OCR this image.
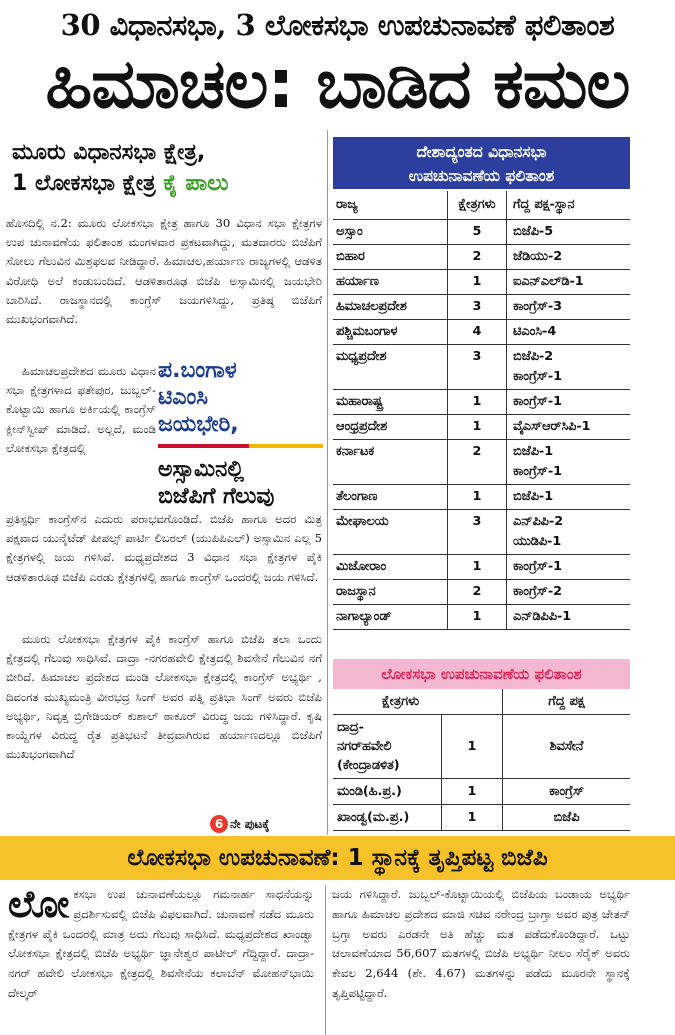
30 ವಿಧಾನಸಭಾ, 3 ಲೋಕಸಭಾ ಉಪಚುನಾವಣೆ ಫಲಿತಾಂಶ
ಹಿಮಾಚಲ: ಬಾಡಿದ ಕಮಲ
ಮೂರು ವಿಧಾನಸಭಾ ಕ್ಷೇತ್ರ,
1 ಲೋಕಸಭಾ ಕ್ಷೇತ್ರ ಕೈ ಪಾಲು

ಹೊಸದಿಲ್ಲಿ ನ.2: ಮೂರು ಲೋಕಸಭಾ ಕ್ಷೇತ್ರ ಹಾಗೂ 30 ವಿಧಾನ ಸಭಾ ಕ್ಷೇತ್ರಗಳ ಉಪ ಚುನಾವಣೆಯ ಫಲಿತಾಂಶ ಮಂಗಳವಾರ ಪ್ರಕಟವಾಗಿದ್ದು, ಮತದಾರರು ಬಿಜೆಪಿಗೆ ಸೋಲು ಗೆಲುವಿನ ಮಿಶ್ರಫಲವ ನೀಡಿದ್ದಾರೆ. ಹಿಮಾಚಲ,ಹರ್ಯಾಣ ರಾಜ್ಯಗಳಲ್ಲಿ ಆಡಳಿತ ವಿರೋಧಿ ಅಲೆ ಕಂಡುಬಂದಿದೆ. ಆಡಳಿತಾರೂಢ ಬಿಜೆಪಿ ಅಸ್ಸಾಮಿನಲ್ಲಿ ಜಯಭೇರಿ ಬಾರಿಸಿದೆ. ರಾಜಸ್ಥಾನದಲ್ಲಿ ಕಾಂಗ್ರೆಸ್ ಜಯಗಳಿಸಿದ್ದು, ಪ್ರತಿಷ್ಠ ಬಿಜೆಪಿಗೆ ಮುಖಭಂಗವಾಗಿದೆ.

ಹಿಮಾಚಲಪ್ರದೇಶದ ಮೂರು ವಿಧಾನ ಸಭಾ ಕ್ಷೇತ್ರಗಳಾದ ಫತೇಪುರ, ಜುಬ್ಬಲ್-ಕೊಟ್ಬಾಯಿ ಹಾಗೂ ಅರ್ಕಿಯಲ್ಲಿ ಕಾಂಗ್ರೆಸ್ ಕ್ಲೀನ್‌ಸ್ವೀಪ್ ಮಾಡಿದೆ. ಅಲ್ಲದೆ, ಮಂಡಿ ಲೋಕಸಭಾ ಕ್ಷೇತ್ರದಲ್ಲಿ

ಪ.ಬಂಗಾಳ
ಟಿಎಂಸಿ
ಜಯಭೇರಿ,
ಅಸ್ಸಾಮಿನಲ್ಲಿ
ಬಿಜೆಪಿಗೆ ಗೆಲುವು

ಪ್ರತಿಸ್ಪರ್ಧಿ ಕಾಂಗ್ರೆಸ್‌ನ ಎದುರು ಪರಾಭವಗೊಂಡಿದೆ. ಬಿಜೆಪಿ ಹಾಗೂ ಅದರ ಮಿತ್ರ ಪಕ್ಷವಾದ ಯುನೈಟೆಡ್ ಪೀಪಲ್ಸ್ ಪಾರ್ಟಿ ಲಿಬರಲ್ (ಯುಪಿಪಿಎಲ್) ಅಸ್ಸಾಮಿನ ಎಲ್ಲ 5 ಕ್ಷೇತ್ರಗಳಲ್ಲಿ ಜಯ ಗಳಿಸಿವೆ. ಮಧ್ಯಪ್ರದೇಶದ 3 ವಿಧಾನ ಸಭಾ ಕ್ಷೇತ್ರಗಳ ಪೈಕಿ ಆಡಳಿತಾರೂಢ ಬಿಜೆಪಿ ಎರಡು ಕ್ಷೇತ್ರಗಳಲ್ಲಿ ಹಾಗೂ ಕಾಂಗ್ರೆಸ್ ಒಂದರಲ್ಲಿ ಜಯ ಗಳಿಸಿದೆ.

ಮೂರು ಲೋಕಸಭಾ ಕ್ಷೇತ್ರಗಳ ಪೈಕಿ ಕಾಂಗ್ರೆಸ್ ಹಾಗೂ ಬಿಜೆಪಿ ತಲಾ ಒಂದು ಕ್ಷೇತ್ರದಲ್ಲಿ ಗೆಲುವು ಸಾಧಿಸಿವೆ. ದಾದ್ರಾ -ನಗರಹವೇಲಿ ಕ್ಷೇತ್ರದಲ್ಲಿ ಶಿವಸೇನೆ ಗೆಲುವಿನ ನಗೆ ಬೀರಿದೆ. ಹಿಮಾಚಲ ಪ್ರದೇಶದ ಮಂಡಿ ಲೋಕಸಭಾ ಕ್ಷೇತ್ರದಲ್ಲಿ ಕಾಂಗ್ರೆಸ್ ಅಭ್ಯರ್ಥಿ , ದಿವಂಗತ ಮುಖ್ಯಮಂತ್ರಿ ವೀರಭದ್ರ ಸಿಂಗ್ ಅವರ ಪತ್ನಿ ಪ್ರತಿಭಾ ಸಿಂಗ್ ಅವರು ಬಿಜೆಪಿ ಅಭ್ಯರ್ಥಿ, ನಿವೃತ್ತ ಬ್ರಿಗೇಡಿಯರ್ ಕುಶಾಲ್ ಠಾಕೂರ್ ವಿರುದ್ಧ ಜಯ ಗಳಿಸಿದ್ದಾರೆ. ಕೃಷಿ ಕಾಯ್ದೆಗಳ ವಿರುದ್ಧ ರೈತ ಪ್ರತಿಭಟನೆ ತೀವ್ರವಾಗಿರುವ ಹರ್ಯಾಣದಲ್ಲೂ ಬಿಜೆಪಿಗೆ ಮುಖಭಂಗವಾಗಿದೆ

6 ನೇ ಪುಟಕ್ಕೆ
ದೇಶಾದ್ಯಂತದ ವಿಧಾನಸಭಾ
ಉಪಚುನಾವಣೆಯ ಫಲಿತಾಂಶ
ರಾಜ್ಯ	ಕ್ಷೇತ್ರಗಳು	ಗೆದ್ದ ಪಕ್ಷ-ಸ್ಥಾನ
ಅಸ್ಸಾಂ	5	ಬಿಜೆಪಿ-5
ಬಿಹಾರ	2	ಜೆಡಿಯು-2
ಹರ್ಯಾಣ	1	ಐಎನ್‌ಎಲ್‌ಡಿ-1
ಹಿಮಾಚಲಪ್ರದೇಶ	3	ಕಾಂಗ್ರೆಸ್-3
ಪಶ್ಚಿಮಬಂಗಾಳ	4	ಟಿಎಂಸಿ-4
ಮಧ್ಯಪ್ರದೇಶ	3	ಬಿಜೆಪಿ-2
ಕಾಂಗ್ರೆಸ್-1
ಮಹಾರಾಷ್ಟ್ರ	1	ಕಾಂಗ್ರೆಸ್-1
ಆಂಧ್ರಪ್ರದೇಶ	1	ವೈಎಸ್‌ಆರ್‌ಸಿಪಿ-1
ಕರ್ನಾಟಕ	2	ಬಿಜೆಪಿ-1
ಕಾಂಗ್ರೆಸ್-1
ತೆಲಂಗಾಣ	1	ಬಿಜೆಪಿ-1
ಮೇಘಾಲಯ	3	ಎನ್‌ಪಿಪಿ-2
ಯುಡಿಪಿ-1
ಮಿಜೋರಾಂ	1	ಕಾಂಗ್ರೆಸ್-1
ರಾಜಸ್ಥಾನ	2	ಕಾಂಗ್ರೆಸ್-2
ನಾಗಾಲ್ಯಾಂಡ್	1	ಎನ್‌ಡಿಪಿಪಿ-1
ಲೋಕಸಭಾ ಉಪಚುನಾವಣೆಯ ಫಲಿತಾಂಶ
ಕ್ಷೇತ್ರಗಳು	ಗೆದ್ದ ಪಕ್ಷ
ದಾದ್ರ-
ನಗರ್‌ಹವೇಲಿ
(ಕೇಂದ್ರಾಡಳಿತ)
1	ಶಿವಸೇನೆ
ಮಂಡಿ(ಹಿ.ಪ್ರ.)	1	ಕಾಂಗ್ರೆಸ್
ಖಾಂಡ್ವ(ಮ.ಪ್ರ.)	1	ಬಿಜೆಪಿ
ಲೋಕಸಭಾ ಉಪಚುನಾವಣೆ: 1 ಸ್ಥಾನಕ್ಕೆ ತೃಪ್ತಿಪಟ್ಟ ಬಿಜೆಪಿ
ಲೋಕಸಭಾ ಉಪ ಚುನಾವಣೆಯಲ್ಲೂ ಗಮನಾರ್ಹ ಸಾಧನೆಯನ್ನು ಪ್ರದರ್ಶಿಸುವಲ್ಲಿ ಬಿಜೆಪಿ ವಿಫಲವಾಗಿದೆ. ಚುನಾವಣೆ ನಡೆದ ಮೂರು ಕ್ಷೇತ್ರಗಳ ಪೈಕಿ ಒಂದರಲ್ಲಿ ಮಾತ್ರ ಅದು ಗೆಲುವು ಸಾಧಿಸಿದೆ. ಮಧ್ಯಪ್ರದೇಶದ ಖಾಂಡ್ವಾ ಲೋಕಸಭಾ ಕ್ಷೇತ್ರದಲ್ಲಿ ಬಿಜೆಪಿ ಅಭ್ಯರ್ಥಿ ಜ್ಞಾನೇಶ್ವರ ಪಾಟೀಲ್ ಗೆದ್ದಿದ್ದಾರೆ. ದಾದ್ರಾ-ನಗರ್ ಹವೇಲಿ ಲೋಕಸಭಾ ಕ್ಷೇತ್ರದಲ್ಲಿ ಶಿವಸೇನೆಯ ಕಲಾಬೆನ್ ಮೋಹನ್‌ಭಾಯಿ ದೇಲ್ಕರ್
ಜಯ ಗಳಿಸಿದ್ದಾರೆ. ಜುಬ್ಬಲ್-ಕೊಟ್ಖಾಯಿಯಲ್ಲಿ ಬಿಜೆಪಿಯ ಬಂಡಾಯ ಅಭ್ಯರ್ಥಿ ಹಾಗೂ ಹಿಮಾಚಲ ಪ್ರದೇಶದ ಮಾಜಿ ಸಚಿವ ನರೇಂದ್ರ ಬ್ರಾಗ್ತಾ ಅವರ ಪುತ್ರ ಚೇತನ್ ಬ್ರಗ್ತಾ ಅವರು ಎರಡನೇ ಅತಿ ಹೆಚ್ಚು ಮತ ಪಡೆದುಕೊಂಡಿದ್ದಾರೆ. ಒಟ್ಟು ಚಲಾವಣೆಯಾದ 56,607 ಮತಗಳಲ್ಲಿ ಬಿಜೆಪಿ ಅಭ್ಯರ್ಥಿ ನೀಲಂ ಸೆರೈಕ್ ಅವರು ಕೇವಲ 2,644 (ಶೇ. 4.67) ಮತಗಳನ್ನು ಪಡೆದು ಮೂರನೇ ಸ್ಥಾನಕ್ಕೆ ತೃಪ್ತಿಪಟ್ಟಿದ್ದಾರೆ.
